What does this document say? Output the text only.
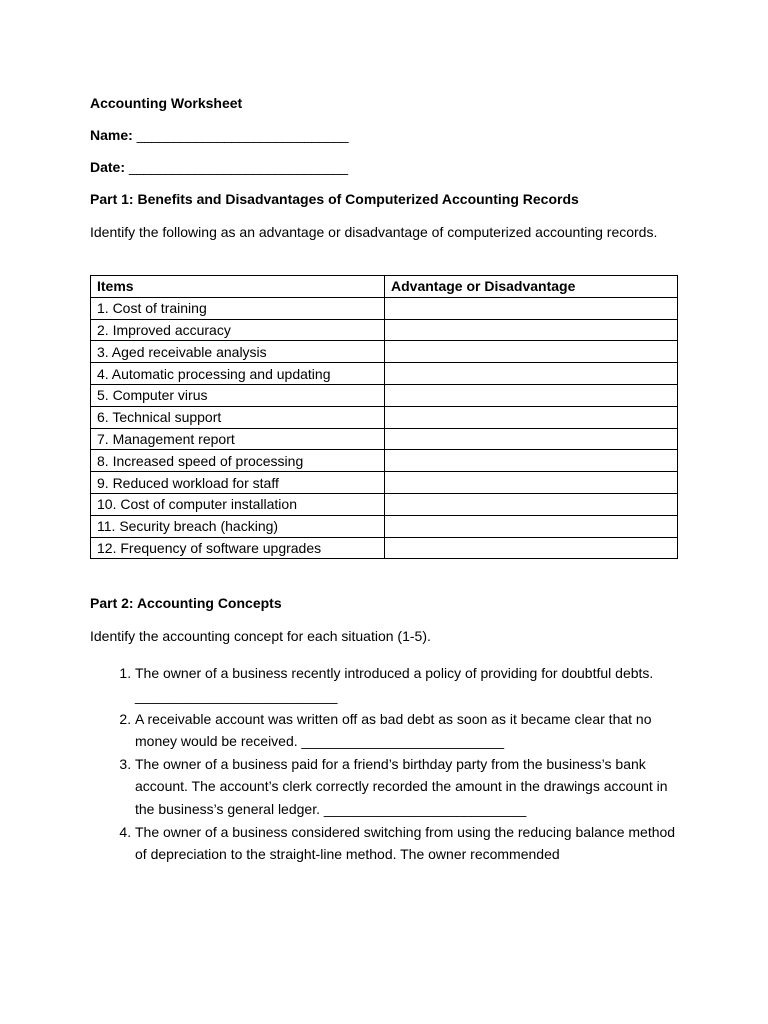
Accounting Worksheet
Name: _____________________________
Date: ______________________________
Part 1: Benefits and Disadvantages of Computerized Accounting Records
Identify the following as an advantage or disadvantage of computerized accounting records.
Items	Advantage or Disadvantage
1. Cost of training	
2. Improved accuracy	
3. Aged receivable analysis	
4. Automatic processing and updating	
5. Computer virus	
6. Technical support	
7. Management report	
8. Increased speed of processing	
9. Reduced workload for staff	
10. Cost of computer installation	
11. Security breach (hacking)	
12. Frequency of software upgrades	
Part 2: Accounting Concepts
Identify the accounting concept for each situation (1-5).
1. The owner of a business recently introduced a policy of providing for doubtful debts. __________________________
2. A receivable account was written off as bad debt as soon as it became clear that no money would be received. __________________________
3. The owner of a business paid for a friend’s birthday party from the business’s bank account. The account’s clerk correctly recorded the amount in the drawings account in the business’s general ledger. __________________________
4. The owner of a business considered switching from using the reducing balance method of depreciation to the straight-line method. The owner recommended
